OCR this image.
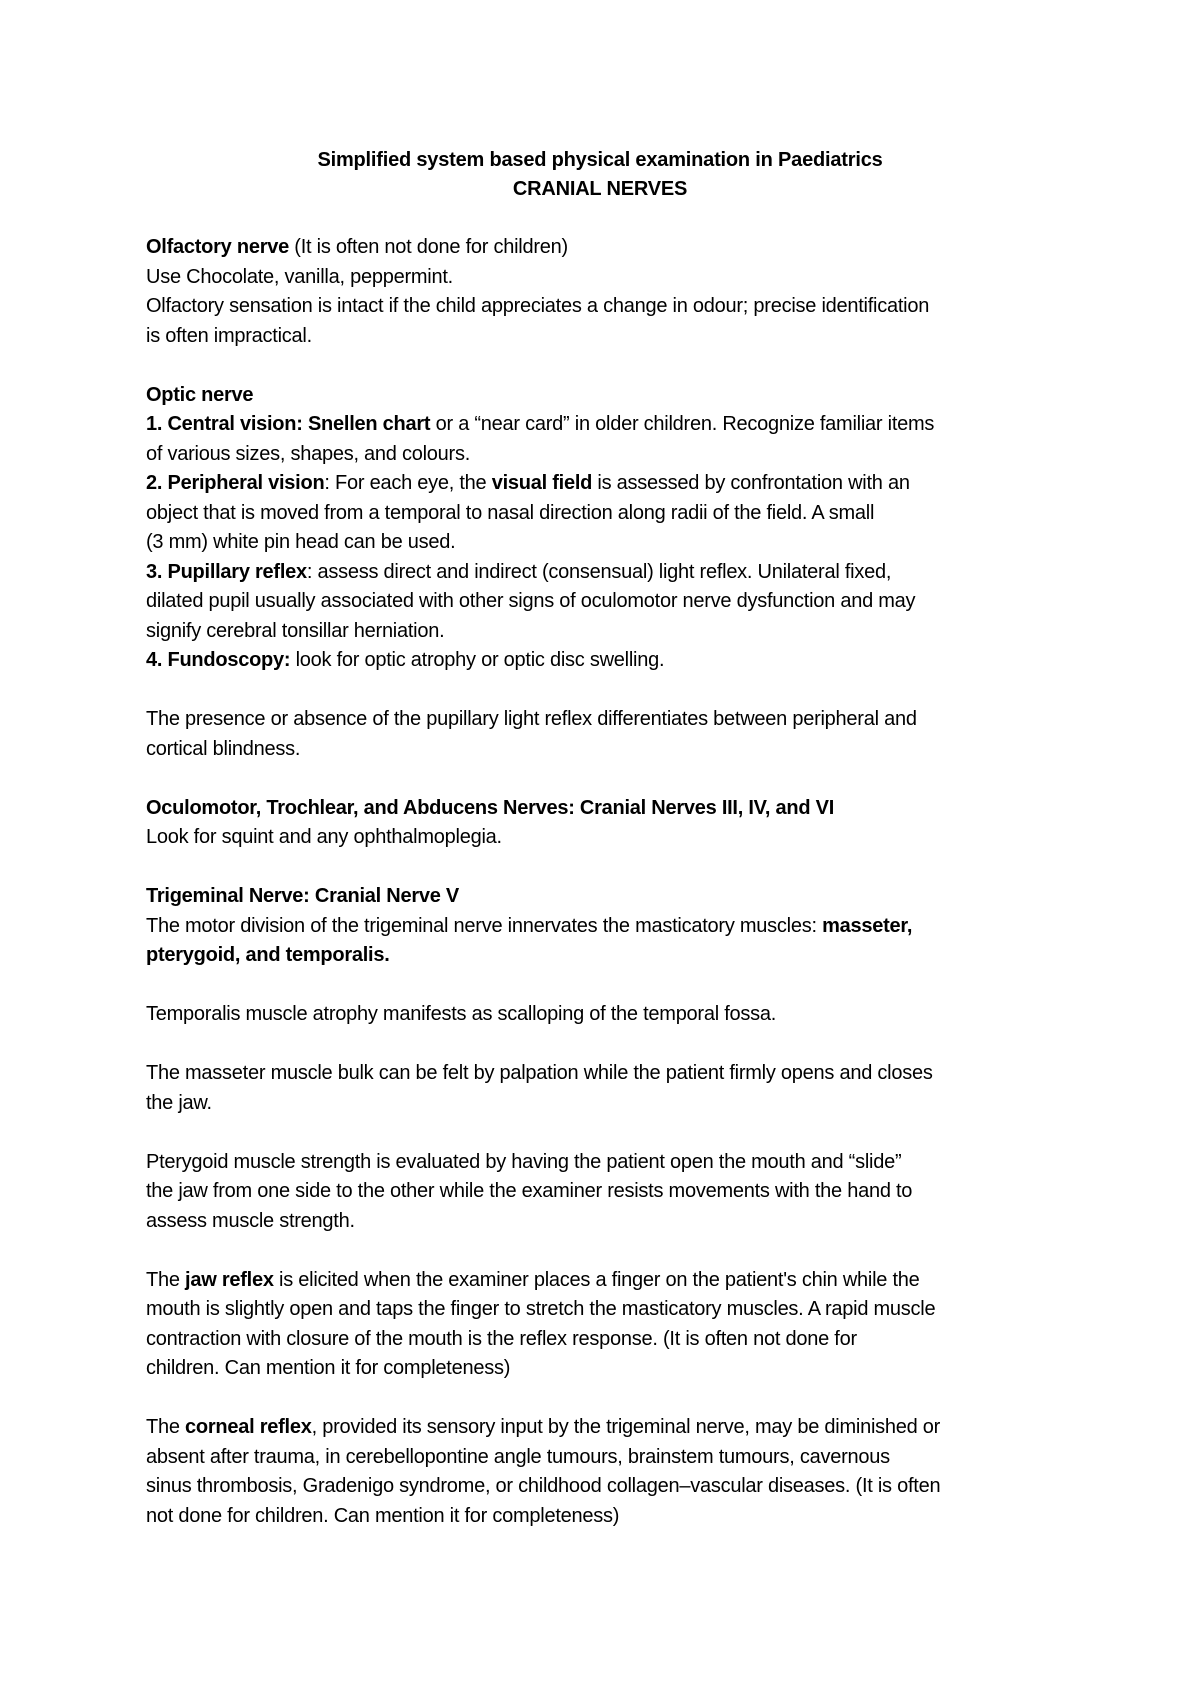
Simplified system based physical examination in Paediatrics
CRANIAL NERVES
Olfactory nerve (It is often not done for children)
Use Chocolate, vanilla, peppermint.
Olfactory sensation is intact if the child appreciates a change in odour; precise identification
is often impractical.
Optic nerve
1. Central vision: Snellen chart or a “near card” in older children. Recognize familiar items
of various sizes, shapes, and colours.
2. Peripheral vision: For each eye, the visual field is assessed by confrontation with an
object that is moved from a temporal to nasal direction along radii of the field. A small
(3 mm) white pin head can be used.
3. Pupillary reflex: assess direct and indirect (consensual) light reflex. Unilateral fixed,
dilated pupil usually associated with other signs of oculomotor nerve dysfunction and may
signify cerebral tonsillar herniation.
4. Fundoscopy: look for optic atrophy or optic disc swelling.
The presence or absence of the pupillary light reflex differentiates between peripheral and
cortical blindness.
Oculomotor, Trochlear, and Abducens Nerves: Cranial Nerves III, IV, and VI
Look for squint and any ophthalmoplegia.
Trigeminal Nerve: Cranial Nerve V
The motor division of the trigeminal nerve innervates the masticatory muscles: masseter,
pterygoid, and temporalis.
Temporalis muscle atrophy manifests as scalloping of the temporal fossa.
The masseter muscle bulk can be felt by palpation while the patient firmly opens and closes
the jaw.
Pterygoid muscle strength is evaluated by having the patient open the mouth and “slide”
the jaw from one side to the other while the examiner resists movements with the hand to
assess muscle strength.
The jaw reflex is elicited when the examiner places a finger on the patient's chin while the
mouth is slightly open and taps the finger to stretch the masticatory muscles. A rapid muscle
contraction with closure of the mouth is the reflex response. (It is often not done for
children. Can mention it for completeness)
The corneal reflex, provided its sensory input by the trigeminal nerve, may be diminished or
absent after trauma, in cerebellopontine angle tumours, brainstem tumours, cavernous
sinus thrombosis, Gradenigo syndrome, or childhood collagen–vascular diseases. (It is often
not done for children. Can mention it for completeness)
